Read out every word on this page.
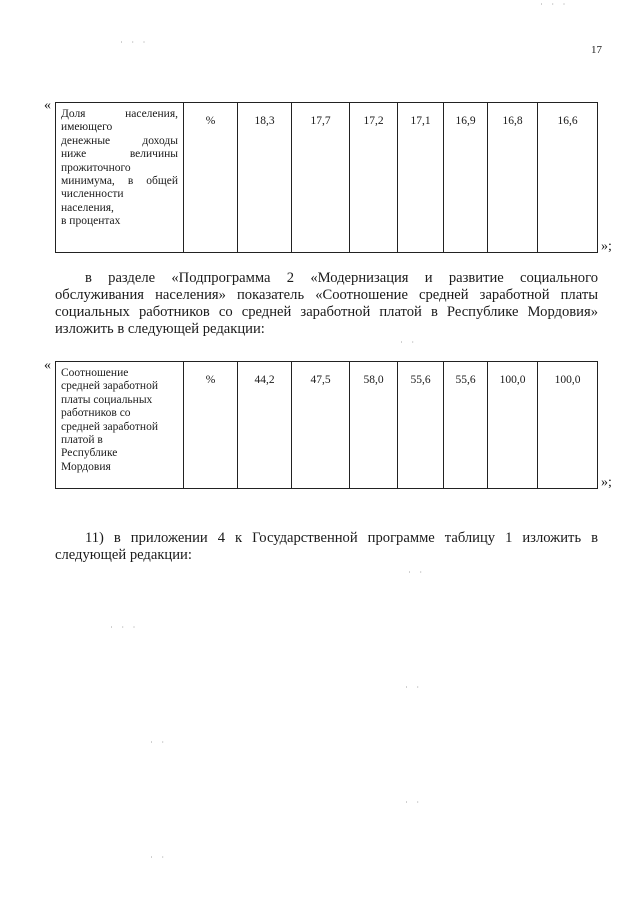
17
˙ ˙ ˙
˙ ˙ ˙
˙ ˙
˙ ˙
˙ ˙ ˙
˙ ˙
˙ ˙
˙ ˙
˙ ˙
«
Доля населения,
имеющего
денежные доходы
ниже величины
прожиточного
минимума, в общей
численности
населения,
в процентах
	%	18,3	17,7	17,2	17,1	16,9	16,8	16,6
»;
в разделе «Подпрограмма 2 «Модернизация и развитие социального
обслуживания населения» показатель «Соотношение средней заработной платы
социальных работников со средней заработной платой в Республике Мордовия»
изложить в следующей редакции:
« Соотношение
средней заработной
платы социальных
работников со
средней заработной
платой в
Республике
Мордовия
	%	44,2	47,5	58,0	55,6	55,6	100,0	100,0
»;
11) в приложении 4 к Государственной программе таблицу 1 изложить в
следующей редакции:
